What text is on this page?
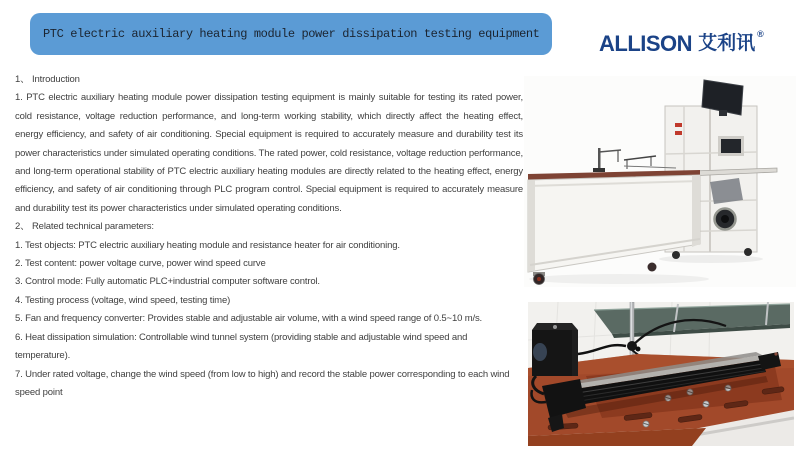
PTC electric auxiliary heating module power dissipation testing equipment	ALLISON 艾利讯 ®
1、 Introduction

1. PTC electric auxiliary heating module power dissipation testing equipment is mainly suitable for testing its rated power, cold resistance, voltage reduction performance, and long-term working stability, which directly affect the heating effect, energy efficiency, and safety of air conditioning. Special equipment is required to accurately measure and durability test its power characteristics under simulated operating conditions. The rated power, cold resistance, voltage reduction performance, and long-term operational stability of PTC electric auxiliary heating modules are directly related to the heating effect, energy efficiency, and safety of air conditioning through PLC program control. Special equipment is required to accurately measure and durability test its power characteristics under simulated operating conditions.

2、 Related technical parameters:
1. Test objects: PTC electric auxiliary heating module and resistance heater for air conditioning.
2. Test content: power voltage curve, power wind speed curve
3. Control mode: Fully automatic PLC+industrial computer software control.
4. Testing process (voltage, wind speed, testing time)
5. Fan and frequency converter: Provides stable and adjustable air volume, with a wind speed range of 0.5~10 m/s.
6. Heat dissipation simulation: Controllable wind tunnel system (providing stable and adjustable wind speed and temperature).
7. Under rated voltage, change the wind speed (from low to high) and record the stable power corresponding to each wind speed point
